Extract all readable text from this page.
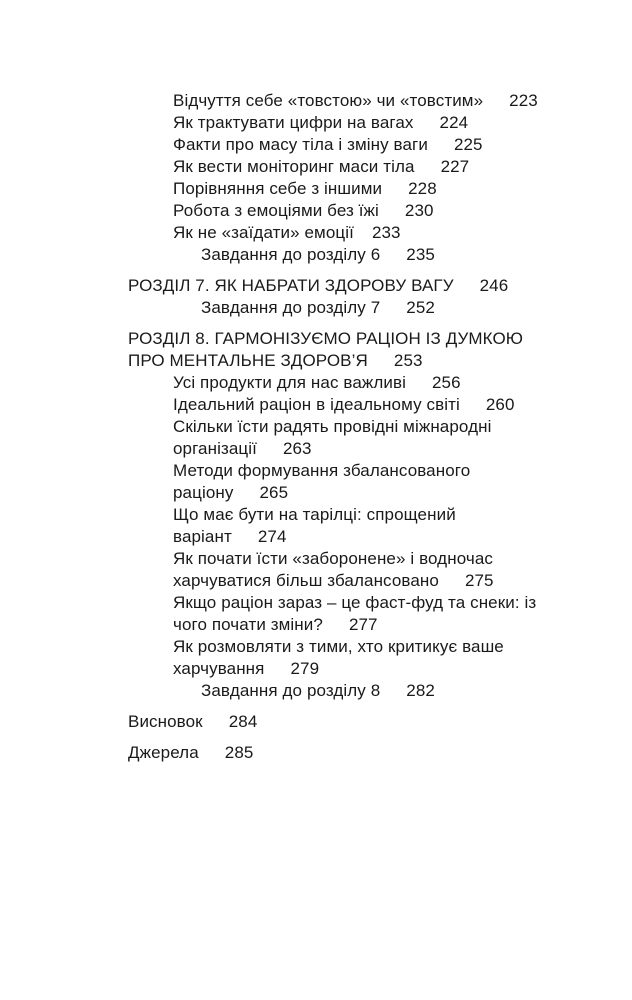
Відчуття себе «товстою» чи «товстим» 223
Як трактувати цифри на вагах 224
Факти про масу тіла і зміну ваги 225
Як вести моніторинг маси тіла 227
Порівняння себе з іншими 228
Робота з емоціями без їжі 230
Як не «заїдати» емоції 233
Завдання до розділу 6 235
РОЗДІЛ 7. ЯК НАБРАТИ ЗДОРОВУ ВАГУ 246
Завдання до розділу 7 252
РОЗДІЛ 8. ГАРМОНІЗУЄМО РАЦІОН ІЗ ДУМКОЮ
ПРО МЕНТАЛЬНЕ ЗДОРОВ’Я 253
Усі продукти для нас важливі 256
Ідеальний раціон в ідеальному світі 260
Скільки їсти радять провідні міжнародні
організації 263
Методи формування збалансованого
раціону 265
Що має бути на тарілці: спрощений
варіант 274
Як почати їсти «заборонене» і водночас
харчуватися більш збалансовано 275
Якщо раціон зараз – це фаст-фуд та снеки: із
чого почати зміни? 277
Як розмовляти з тими, хто критикує ваше
харчування 279
Завдання до розділу 8 282
Висновок 284
Джерела 285
